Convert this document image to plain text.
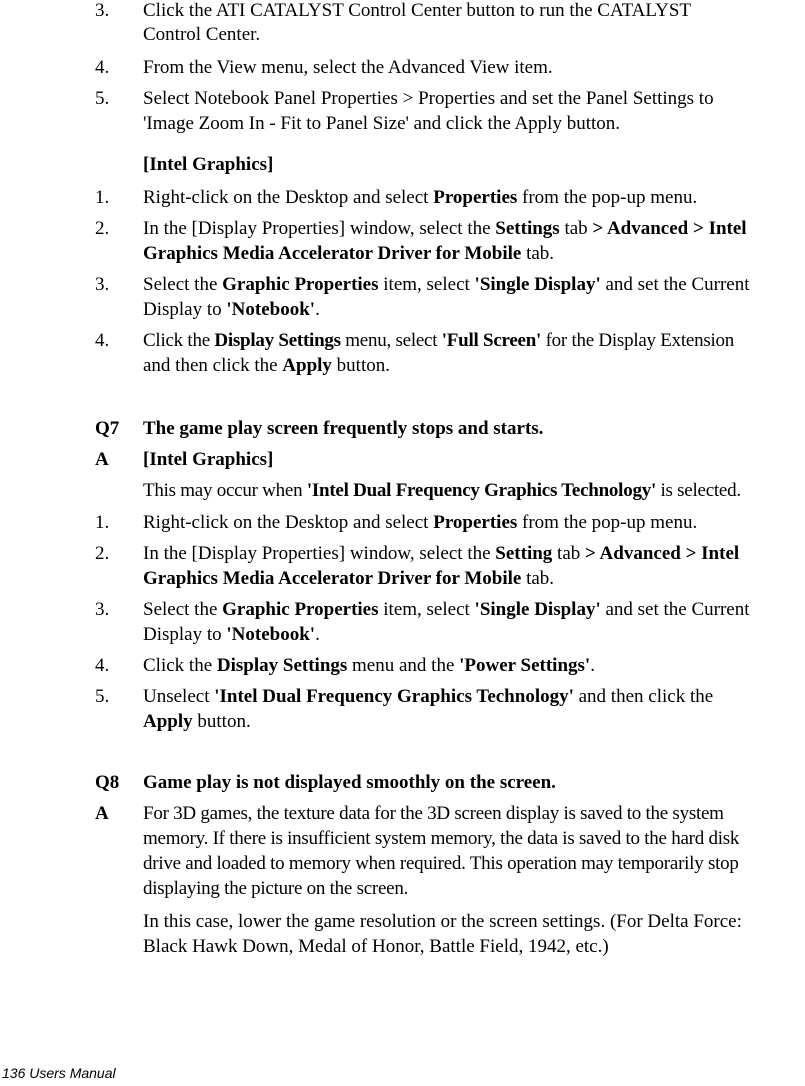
3. Click the ATI CATALYST Control Center button to run the CATALYST
Control Center.
4. From the View menu, select the Advanced View item.
5. Select Notebook Panel Properties > Properties and set the Panel Settings to
'Image Zoom In - Fit to Panel Size' and click the Apply button.
[Intel Graphics]
1. Right-click on the Desktop and select Properties from the pop-up menu.
2. In the [Display Properties] window, select the Settings tab > Advanced > Intel
Graphics Media Accelerator Driver for Mobile tab.
3. Select the Graphic Properties item, select 'Single Display' and set the Current
Display to 'Notebook'.
4. Click the Display Settings menu, select 'Full Screen' for the Display Extension
and then click the Apply button.
Q7 The game play screen frequently stops and starts.
A [Intel Graphics]
This may occur when 'Intel Dual Frequency Graphics Technology' is selected.
1. Right-click on the Desktop and select Properties from the pop-up menu.
2. In the [Display Properties] window, select the Setting tab > Advanced > Intel
Graphics Media Accelerator Driver for Mobile tab.
3. Select the Graphic Properties item, select 'Single Display' and set the Current
Display to 'Notebook'.
4. Click the Display Settings menu and the 'Power Settings'.
5. Unselect 'Intel Dual Frequency Graphics Technology' and then click the
Apply button.
Q8 Game play is not displayed smoothly on the screen.
A For 3D games, the texture data for the 3D screen display is saved to the system
memory. If there is insufficient system memory, the data is saved to the hard disk
drive and loaded to memory when required. This operation may temporarily stop
displaying the picture on the screen.
In this case, lower the game resolution or the screen settings. (For Delta Force:
Black Hawk Down, Medal of Honor, Battle Field, 1942, etc.)
136 Users Manual
